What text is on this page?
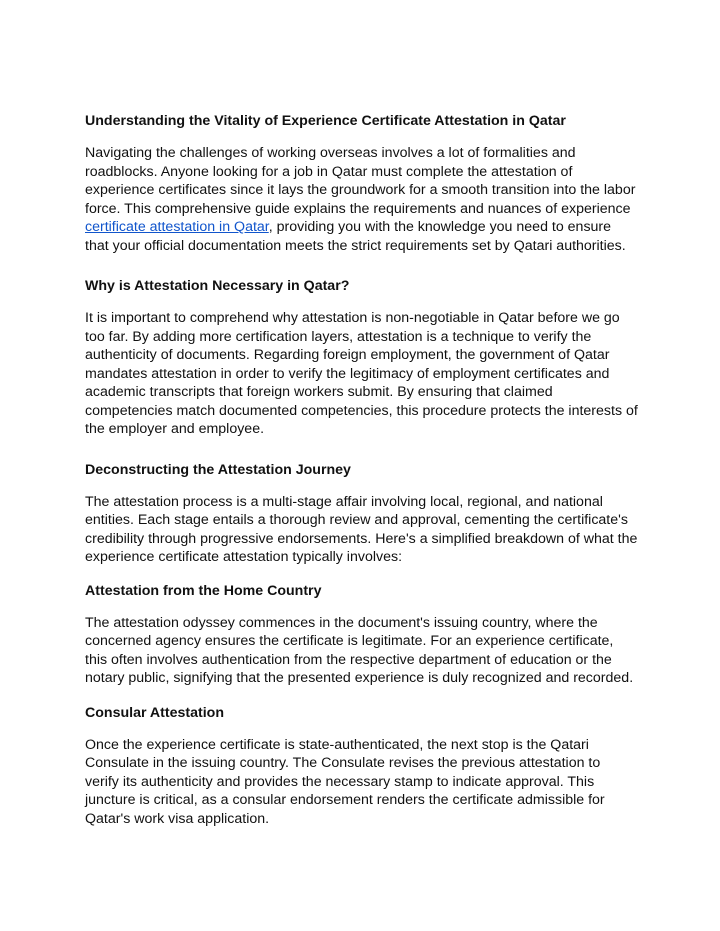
Understanding the Vitality of Experience Certificate Attestation in Qatar

Navigating the challenges of working overseas involves a lot of formalities and
roadblocks. Anyone looking for a job in Qatar must complete the attestation of
experience certificates since it lays the groundwork for a smooth transition into the labor
force. This comprehensive guide explains the requirements and nuances of experience
certificate attestation in Qatar, providing you with the knowledge you need to ensure
that your official documentation meets the strict requirements set by Qatari authorities.

Why is Attestation Necessary in Qatar?

It is important to comprehend why attestation is non-negotiable in Qatar before we go
too far. By adding more certification layers, attestation is a technique to verify the
authenticity of documents. Regarding foreign employment, the government of Qatar
mandates attestation in order to verify the legitimacy of employment certificates and
academic transcripts that foreign workers submit. By ensuring that claimed
competencies match documented competencies, this procedure protects the interests of
the employer and employee.

Deconstructing the Attestation Journey

The attestation process is a multi-stage affair involving local, regional, and national
entities. Each stage entails a thorough review and approval, cementing the certificate's
credibility through progressive endorsements. Here's a simplified breakdown of what the
experience certificate attestation typically involves:

Attestation from the Home Country

The attestation odyssey commences in the document's issuing country, where the
concerned agency ensures the certificate is legitimate. For an experience certificate,
this often involves authentication from the respective department of education or the
notary public, signifying that the presented experience is duly recognized and recorded.

Consular Attestation

Once the experience certificate is state-authenticated, the next stop is the Qatari
Consulate in the issuing country. The Consulate revises the previous attestation to
verify its authenticity and provides the necessary stamp to indicate approval. This
juncture is critical, as a consular endorsement renders the certificate admissible for
Qatar's work visa application.
